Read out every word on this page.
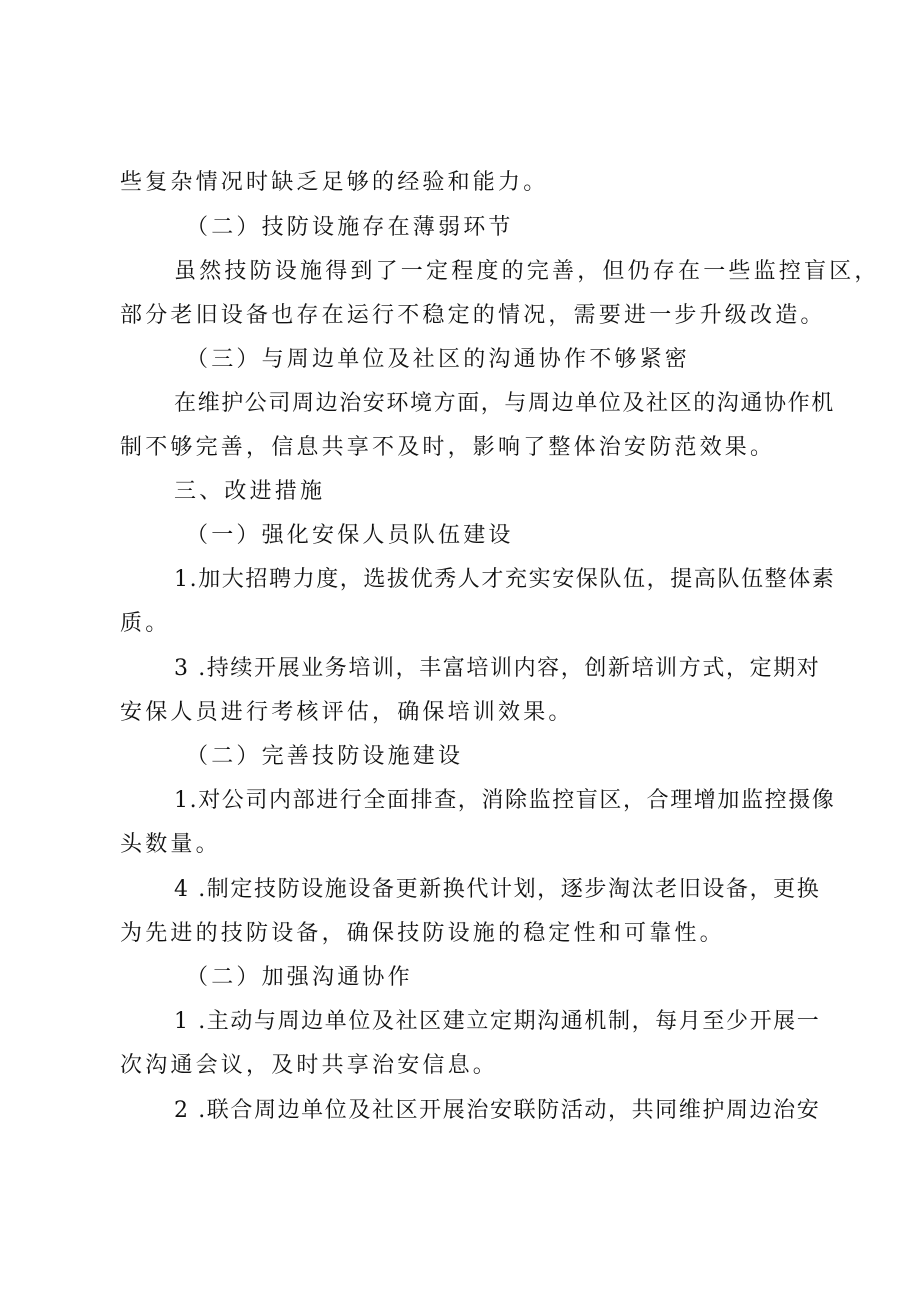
些复杂情况时缺乏足够的经验和能力。
（二）技防设施存在薄弱环节
虽然技防设施得到了一定程度的完善，但仍存在一些监控盲区，
部分老旧设备也存在运行不稳定的情况，需要进一步升级改造。
（三）与周边单位及社区的沟通协作不够紧密
在维护公司周边治安环境方面，与周边单位及社区的沟通协作机
制不够完善，信息共享不及时，影响了整体治安防范效果。
三、改进措施
（一）强化安保人员队伍建设
1.加大招聘力度，选拔优秀人才充实安保队伍，提高队伍整体素
质。
3 .持续开展业务培训，丰富培训内容，创新培训方式，定期对
安保人员进行考核评估，确保培训效果。
（二）完善技防设施建设
1.对公司内部进行全面排查，消除监控盲区，合理增加监控摄像
头数量。
4 .制定技防设施设备更新换代计划，逐步淘汰老旧设备，更换
为先进的技防设备，确保技防设施的稳定性和可靠性。
（二）加强沟通协作
1 .主动与周边单位及社区建立定期沟通机制，每月至少开展一
次沟通会议，及时共享治安信息。
2 .联合周边单位及社区开展治安联防活动，共同维护周边治安
